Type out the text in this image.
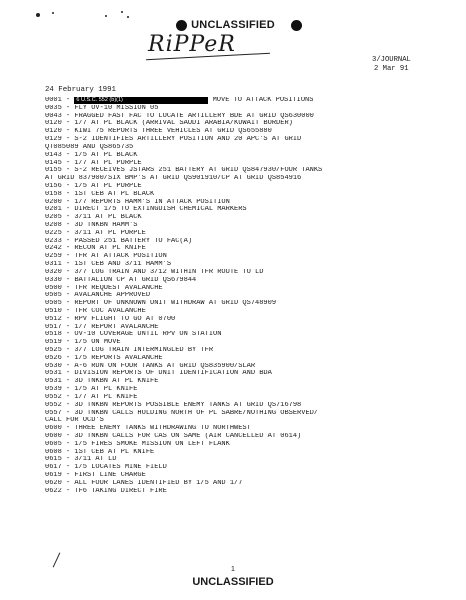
UNCLASSIFIED
RiPPeR
3/JOURNAL
2 Mar 91
24 February 1991
0001 - 6 U.S.C. 552 (b)(1)	MOVE TO ATTACK POSITIONS
0035 - FLY OV-10 MISSION 05
0043 - FRAGGED FAST FAC TO LOCATE ARTILLERY BDE AT GRID QS630000
0120 - 1/7 AT PL BLACK (ARRIVAL SAUDI ARABIA/KUWAIT BORDER)
0120 - KIWI 75 REPORTS THREE VEHICLES AT GRID QS655880
0129 - S-2 IDENTIFIES ARTILLERY POSITION AND 20 APC'S AT GRID
QT085089 AND QS865735
0143 - 1/5 AT PL BLACK
0145 - 1/7 AT PL PURPLE
0155 - S-2 RECEIVES JSTARS 251 BATTERY AT GRID QS847930/FOUR TANKS
AT GRID 837900/SIX BMP'S AT GRID QS901910/CP AT GRID QS854916
0156 - 1/5 AT PL PURPLE
0158 - 1ST CEB AT PL BLACK
0200 - 1/7 REPORTS HAMM'S IN ATTACK POSITION
0201 - DIRECT 1/5 TO EXTINGUISH CHEMICAL MARKERS
0205 - 3/11 AT PL BLACK
0208 - 3D TNKBN HAMM'S
0225 - 3/11 AT PL PURPLE
0233 - PASSED 251 BATTERY TO FAC(A)
0242 - RECON AT PL KNIFE
0259 - TFR AT ATTACK POSITION
0311 - 1ST CEB AND 3/11 HAMM'S
0320 - 3/7 LOG TRAIN AND 3/12 WITHIN TFR ROUTE TO LD
0330 - BATTALION CP AT GRID QS679844
0500 - TFR REQUEST AVALANCHE
0505 - AVALANCHE APPROVED
0505 - REPORT OF UNKNOWN UNIT WITHDRAW AT GRID QS748909
0510 - TFR COC AVALANCHE
0512 - RPV FLIGHT TO GO AT 0700
0517 - 1/7 REPORT AVALANCHE
0518 - OV-10 COVERAGE UNTIL RPV ON STATION
0519 - 1/5 ON MOVE
0525 - 3/7 LOG TRAIN INTERMINGLED BY TFR
0526 - 1/5 REPORTS AVALANCHE
0530 - A-6 RUN ON FOUR TANKS AT GRID QS835900/SLAR
0531 - DIVISION REPORTS OF UNIT IDENTIFICATION AND BDA
0531 - 3D TNKBN AT PL KNIFE
0539 - 1/5 AT PL KNIFE
0552 - 1/7 AT PL KNIFE
0552 - 3D TNKBN REPORTS POSSIBLE ENEMY TANKS AT GRID QS716798
0557 - 3D TNKBN CALLS HOLDING NORTH OF PL SABRE/NOTHING OBSERVED/
CALL FOR OCD'S
0600 - THREE ENEMY TANKS WITHDRAWING TO NORTHWEST
0600 - 3D TNKBN CALLS FOR CAS ON SAME (AIR CANCELLED AT 0614)
0605 - 1/5 FIRES SMOKE MISSION ON LEFT FLANK
0608 - 1ST CEB AT PL KNIFE
0615 - 3/11 AT LD
0617 - 1/5 LOCATES MINE FIELD
0619 - FIRST LINE CHARGE
0620 - ALL FOUR LANES IDENTIFIED BY 1/5 AND 1/7
0622 - TF6 TAKING DIRECT FIRE
1
UNCLASSIFIED
